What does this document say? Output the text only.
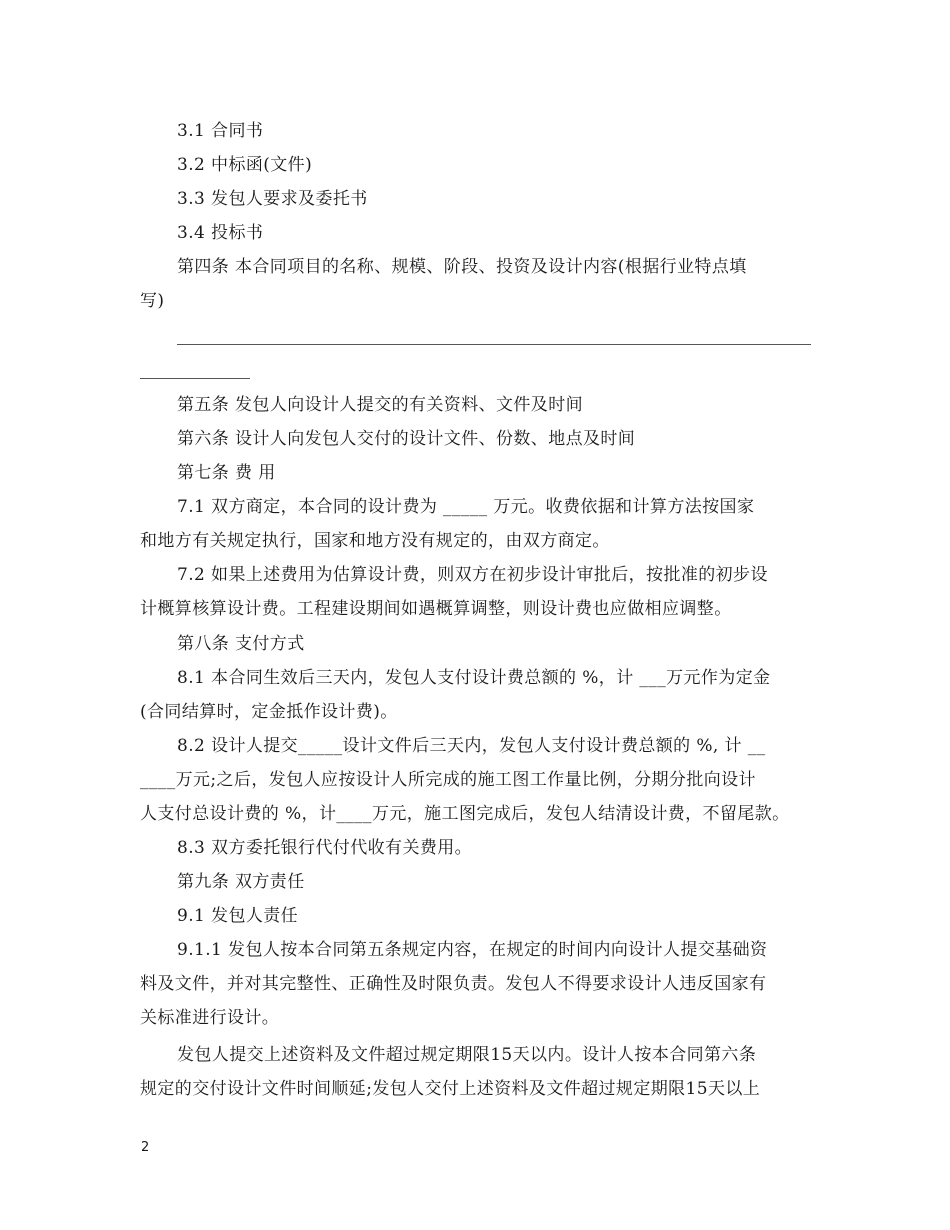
3.1 合同书
3.2 中标函(文件)
3.3 发包人要求及委托书
3.4 投标书
第四条 本合同项目的名称、规模、阶段、投资及设计内容(根据行业特点填
写)
第五条 发包人向设计人提交的有关资料、文件及时间
第六条 设计人向发包人交付的设计文件、份数、地点及时间
第七条 费 用
7.1 双方商定，本合同的设计费为 _____ 万元。收费依据和计算方法按国家
和地方有关规定执行，国家和地方没有规定的，由双方商定。
7.2 如果上述费用为估算设计费，则双方在初步设计审批后，按批准的初步设
计概算核算设计费。工程建设期间如遇概算调整，则设计费也应做相应调整。
第八条 支付方式
8.1 本合同生效后三天内，发包人支付设计费总额的 %，计 ___万元作为定金
(合同结算时，定金抵作设计费)。
8.2 设计人提交_____设计文件后三天内，发包人支付设计费总额的 %, 计 __
____万元;之后，发包人应按设计人所完成的施工图工作量比例，分期分批向设计
人支付总设计费的 %，计____万元，施工图完成后，发包人结清设计费，不留尾款。
8.3 双方委托银行代付代收有关费用。
第九条 双方责任
9.1 发包人责任
9.1.1 发包人按本合同第五条规定内容，在规定的时间内向设计人提交基础资
料及文件，并对其完整性、正确性及时限负责。发包人不得要求设计人违反国家有
关标准进行设计。
发包人提交上述资料及文件超过规定期限15天以内。设计人按本合同第六条
规定的交付设计文件时间顺延;发包人交付上述资料及文件超过规定期限15天以上
2
